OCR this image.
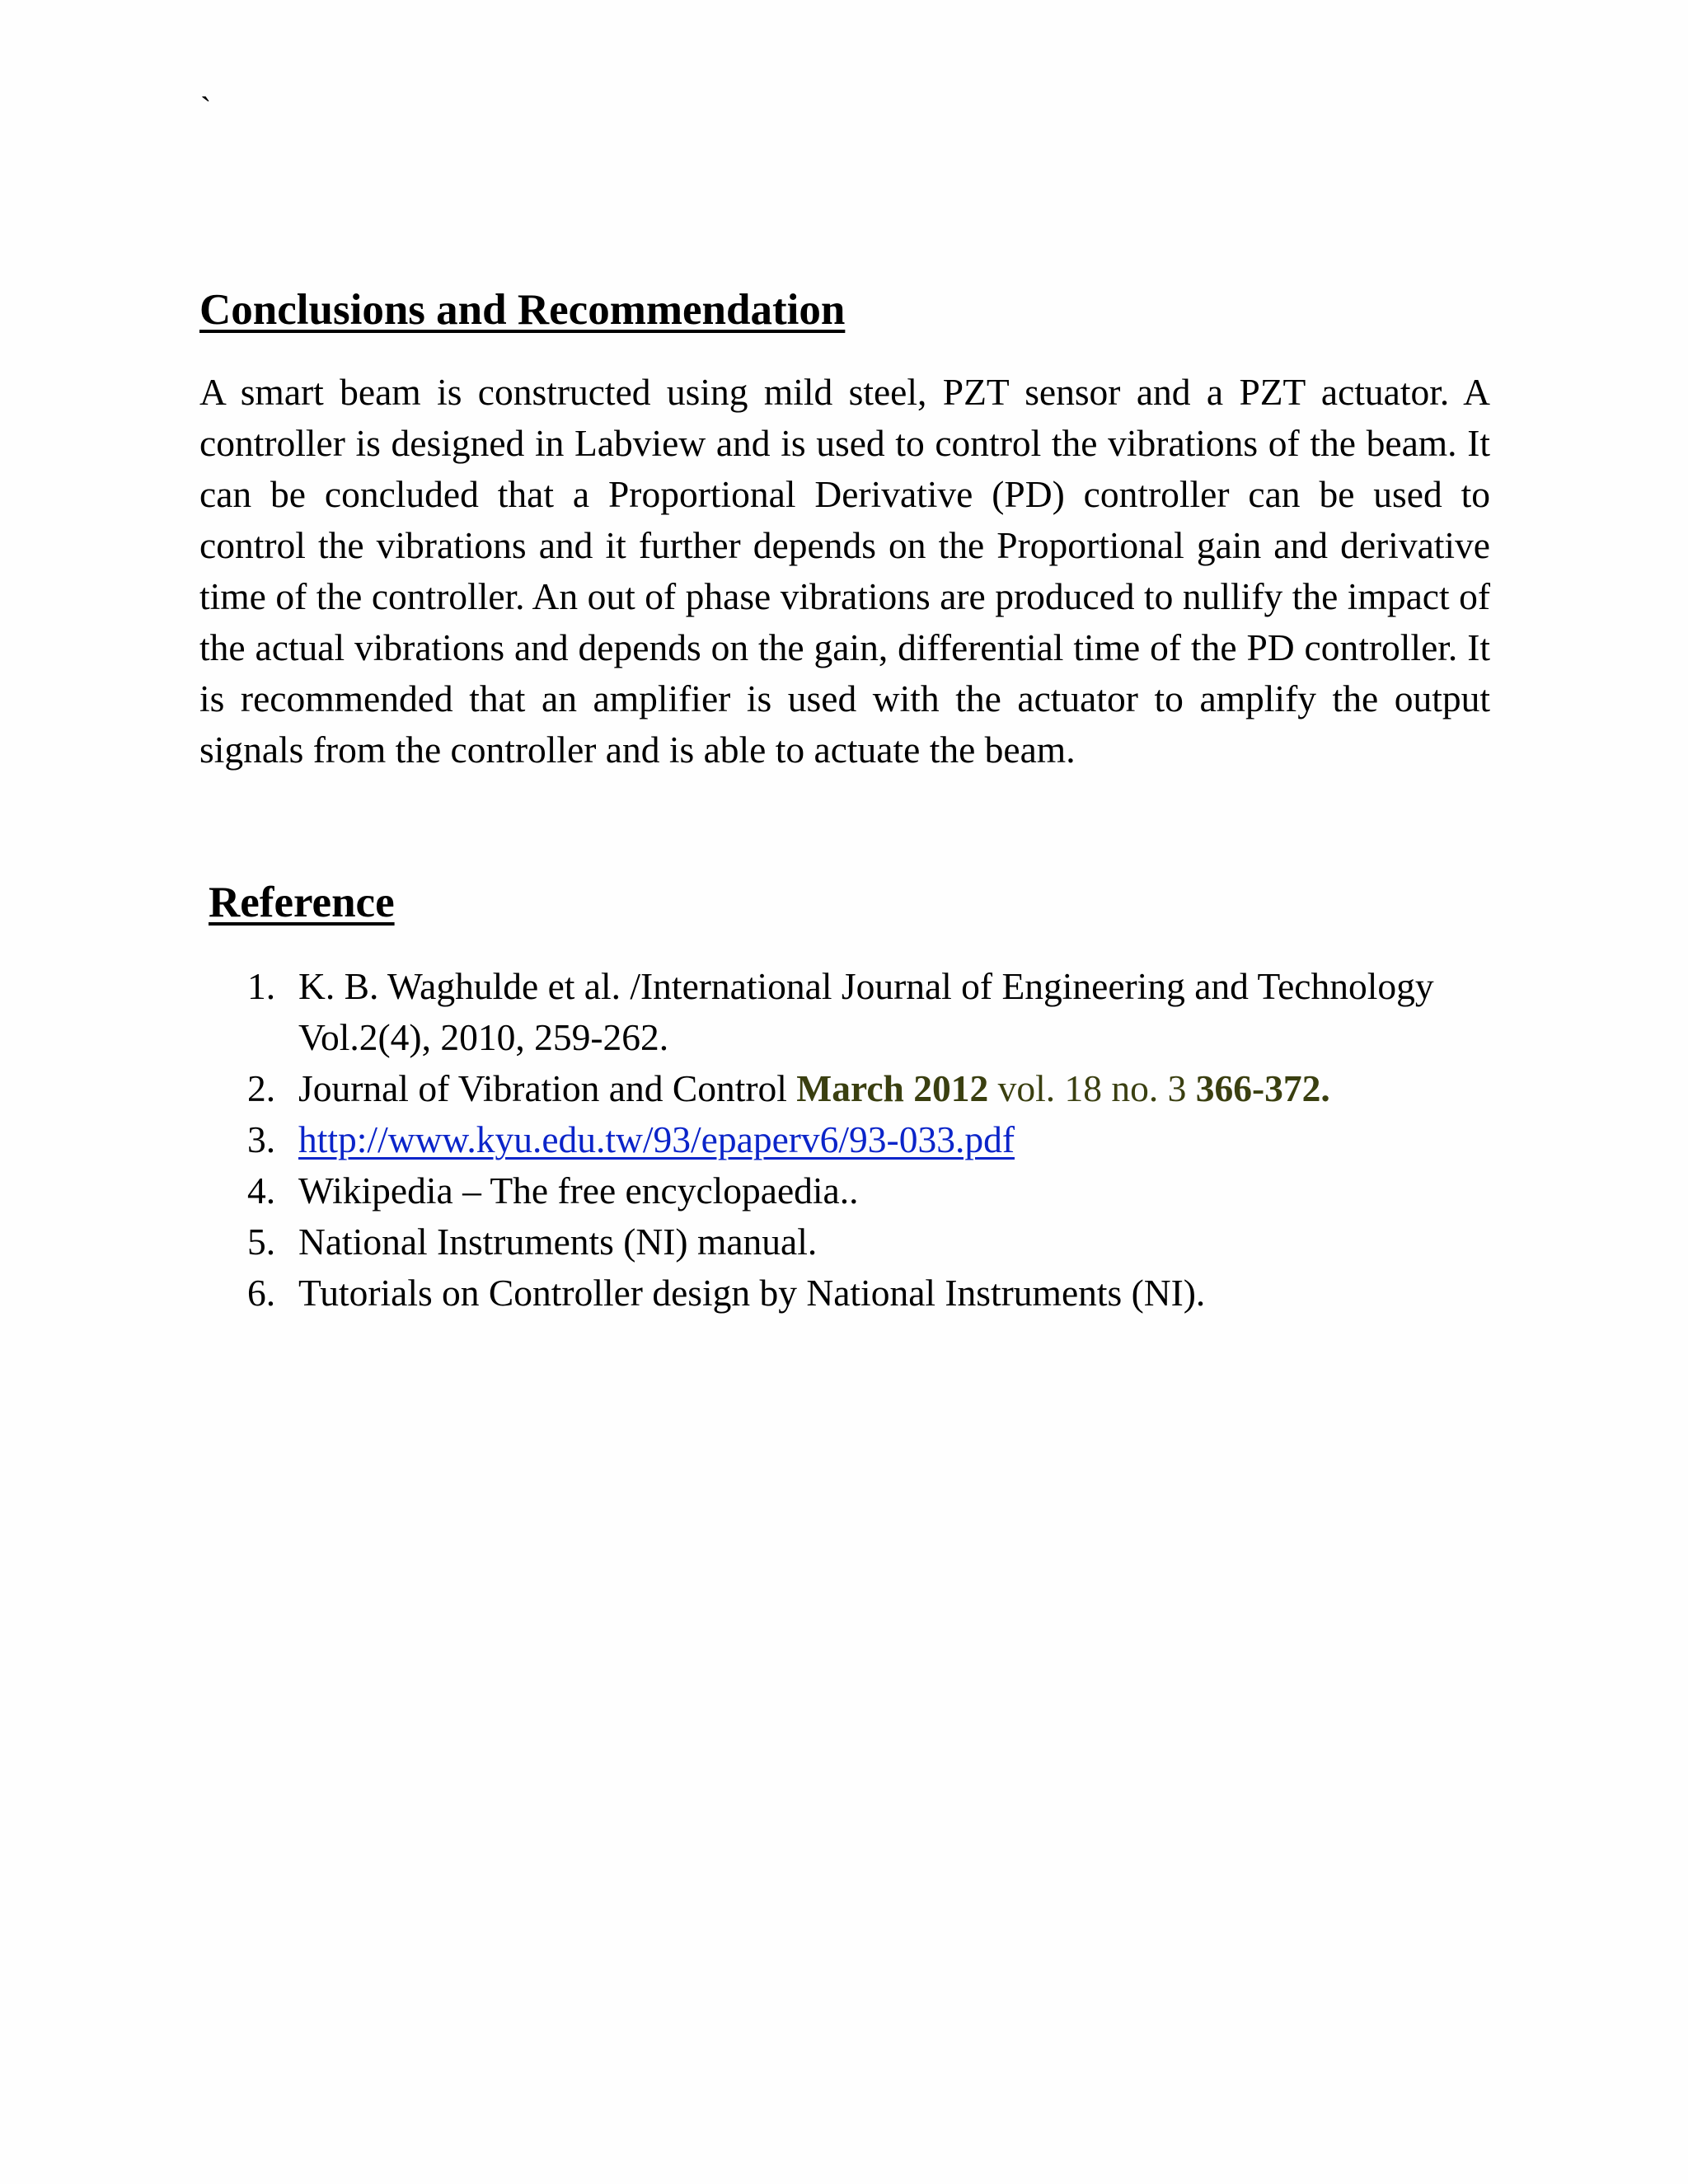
`
Conclusions and Recommendation

A smart beam is constructed using mild steel, PZT sensor and a PZT actuator. A controller is designed in Labview and is used to control the vibrations of the beam. It can be concluded that a Proportional Derivative (PD) controller can be used to control the vibrations and it further depends on the Proportional gain and derivative time of the controller. An out of phase vibrations are produced to nullify the impact of the actual vibrations and depends on the gain, differential time of the PD controller. It is recommended that an amplifier is used with the actuator to amplify the output signals from the controller and is able to actuate the beam.

Reference
1. K. B. Waghulde et al. /International Journal of Engineering and Technology Vol.2(4), 2010, 259-262.
2. Journal of Vibration and Control March 2012 vol. 18 no. 3 366-372.
3. http://www.kyu.edu.tw/93/epaperv6/93-033.pdf
4. Wikipedia – The free encyclopaedia..
5. National Instruments (NI) manual.
6. Tutorials on Controller design by National Instruments (NI).
